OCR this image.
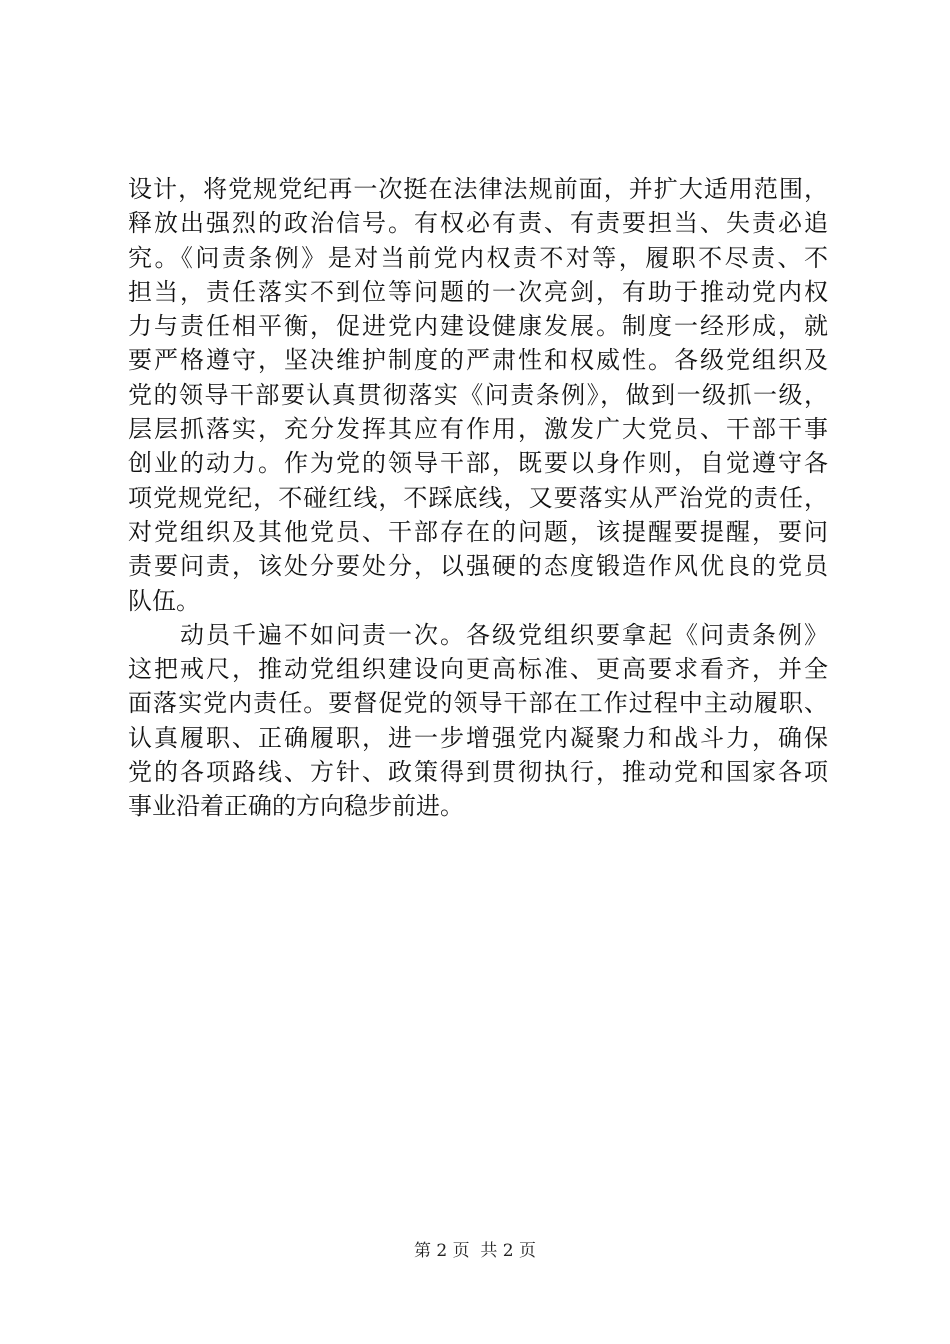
设计，将党规党纪再一次挺在法律法规前面，并扩大适用范围，
释放出强烈的政治信号。有权必有责、有责要担当、失责必追
究。《问责条例》是对当前党内权责不对等，履职不尽责、不
担当，责任落实不到位等问题的一次亮剑，有助于推动党内权
力与责任相平衡，促进党内建设健康发展。制度一经形成，就
要严格遵守，坚决维护制度的严肃性和权威性。各级党组织及
党的领导干部要认真贯彻落实《问责条例》，做到一级抓一级，
层层抓落实，充分发挥其应有作用，激发广大党员、干部干事
创业的动力。作为党的领导干部，既要以身作则，自觉遵守各
项党规党纪，不碰红线，不踩底线，又要落实从严治党的责任，
对党组织及其他党员、干部存在的问题，该提醒要提醒，要问
责要问责，该处分要处分，以强硬的态度锻造作风优良的党员
队伍。
　　动员千遍不如问责一次。各级党组织要拿起《问责条例》
这把戒尺，推动党组织建设向更高标准、更高要求看齐，并全
面落实党内责任。要督促党的领导干部在工作过程中主动履职、
认真履职、正确履职，进一步增强党内凝聚力和战斗力，确保
党的各项路线、方针、政策得到贯彻执行，推动党和国家各项
事业沿着正确的方向稳步前进。
第 2 页  共 2 页
